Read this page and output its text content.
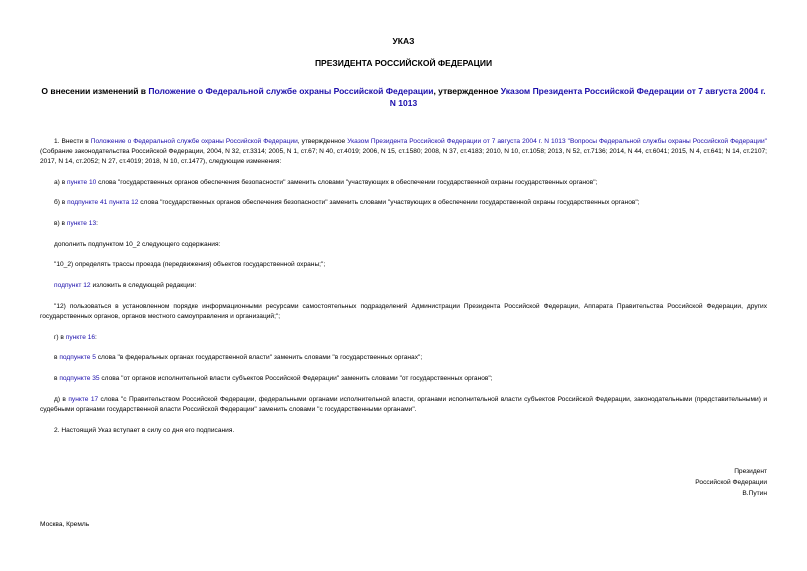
УКАЗ
ПРЕЗИДЕНТА РОССИЙСКОЙ ФЕДЕРАЦИИ
О внесении изменений в Положение о Федеральной службе охраны Российской Федерации, утвержденное Указом Президента Российской Федерации от 7 августа 2004 г. N 1013
1. Внести в Положение о Федеральной службе охраны Российской Федерации, утвержденное Указом Президента Российской Федерации от 7 августа 2004 г. N 1013 "Вопросы Федеральной службы охраны Российской Федерации" (Собрание законодательства Российской Федерации, 2004, N 32, ст.3314; 2005, N 1, ст.67; N 40, ст.4019; 2006, N 15, ст.1580; 2008, N 37, ст.4183; 2010, N 10, ст.1058; 2013, N 52, ст.7136; 2014, N 44, ст.6041; 2015, N 4, ст.641; N 14, ст.2107; 2017, N 14, ст.2052; N 27, ст.4019; 2018, N 10, ст.1477), следующие изменения:
а) в пункте 10 слова "государственных органов обеспечения безопасности" заменить словами "участвующих в обеспечении государственной охраны государственных органов";
б) в подпункте 41 пункта 12 слова "государственных органов обеспечения безопасности" заменить словами "участвующих в обеспечении государственной охраны государственных органов";
в) в пункте 13:
дополнить подпунктом 10_2 следующего содержания:
"10_2) определять трассы проезда (передвижения) объектов государственной охраны;";
подпункт 12 изложить в следующей редакции:
"12) пользоваться в установленном порядке информационными ресурсами самостоятельных подразделений Администрации Президента Российской Федерации, Аппарата Правительства Российской Федерации, других государственных органов, органов местного самоуправления и организаций;";
г) в пункте 16:
в подпункте 5 слова "в федеральных органах государственной власти" заменить словами "в государственных органах";
в подпункте 35 слова "от органов исполнительной власти субъектов Российской Федерации" заменить словами "от государственных органов";
д) в пункте 17 слова "с Правительством Российской Федерации, федеральными органами исполнительной власти, органами исполнительной власти субъектов Российской Федерации, законодательными (представительными) и судебными органами государственной власти Российской Федерации" заменить словами "с государственными органами".
2. Настоящий Указ вступает в силу со дня его подписания.
Президент
Российской Федерации
В.Путин
Москва, Кремль
